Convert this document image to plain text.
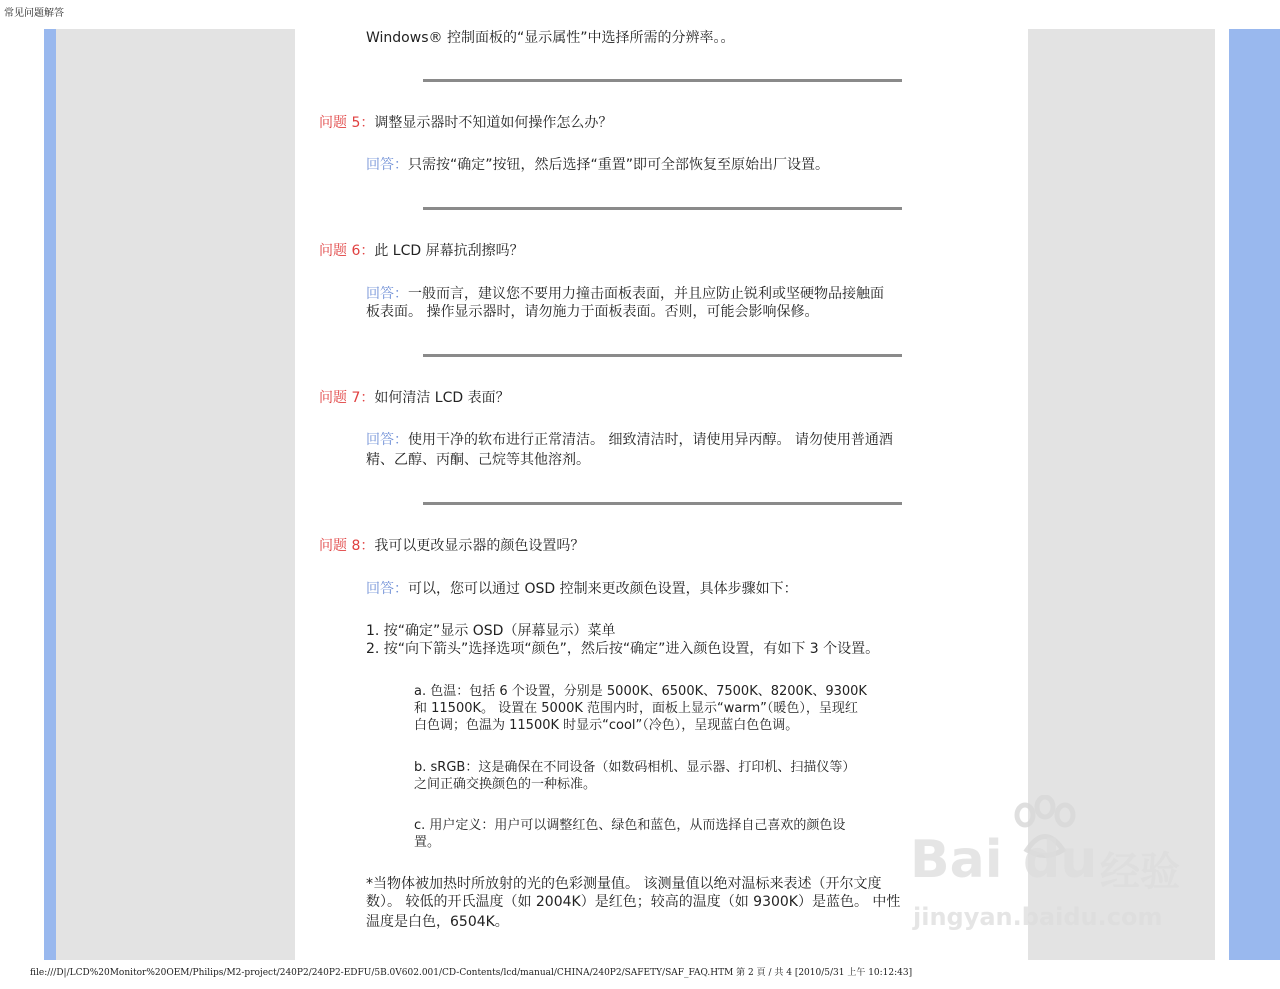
常见问题解答

Windows® 控制面板的“显示属性”中选择所需的分辨率。。

问题 5：调整显示器时不知道如何操作怎么办？

回答：只需按“确定”按钮，然后选择“重置”即可全部恢复至原始出厂设置。

问题 6：此 LCD 屏幕抗刮擦吗？

回答：一般而言，建议您不要用力撞击面板表面，并且应防止锐利或坚硬物品接触面

板表面。 操作显示器时，请勿施力于面板表面。否则，可能会影响保修。

问题 7：如何清洁 LCD 表面？

回答：使用干净的软布进行正常清洁。 细致清洁时，请使用异丙醇。 请勿使用普通酒

精、乙醇、丙酮、己烷等其他溶剂。

问题 8：我可以更改显示器的颜色设置吗？

回答：可以，您可以通过 OSD 控制来更改颜色设置，具体步骤如下：

1. 按“确定”显示 OSD（屏幕显示）菜单

2. 按“向下箭头”选择选项“颜色”，然后按“确定”进入颜色设置，有如下 3 个设置。

a. 色温：包括 6 个设置，分别是 5000K、6500K、7500K、8200K、9300K

和 11500K。 设置在 5000K 范围内时，面板上显示“warm”（暖色），呈现红

白色调；色温为 11500K 时显示“cool”（冷色），呈现蓝白色色调。

b. sRGB：这是确保在不同设备（如数码相机、显示器、打印机、扫描仪等）

之间正确交换颜色的一种标准。

c. 用户定义：用户可以调整红色、绿色和蓝色，从而选择自己喜欢的颜色设

置。

*当物体被加热时所放射的光的色彩测量值。 该测量值以绝对温标来表述（开尔文度

数）。 较低的开氏温度（如 2004K）是红色；较高的温度（如 9300K）是蓝色。 中性

温度是白色，6504K。

Bai du 经验
jingyan.baidu.com
file:///D|/LCD%20Monitor%20OEM/Philips/M2-project/240P2/240P2-EDFU/5B.0V602.001/CD-Contents/lcd/manual/CHINA/240P2/SAFETY/SAF_FAQ.HTM 第 2 頁 / 共 4 [2010/5/31 上午 10:12:43]
